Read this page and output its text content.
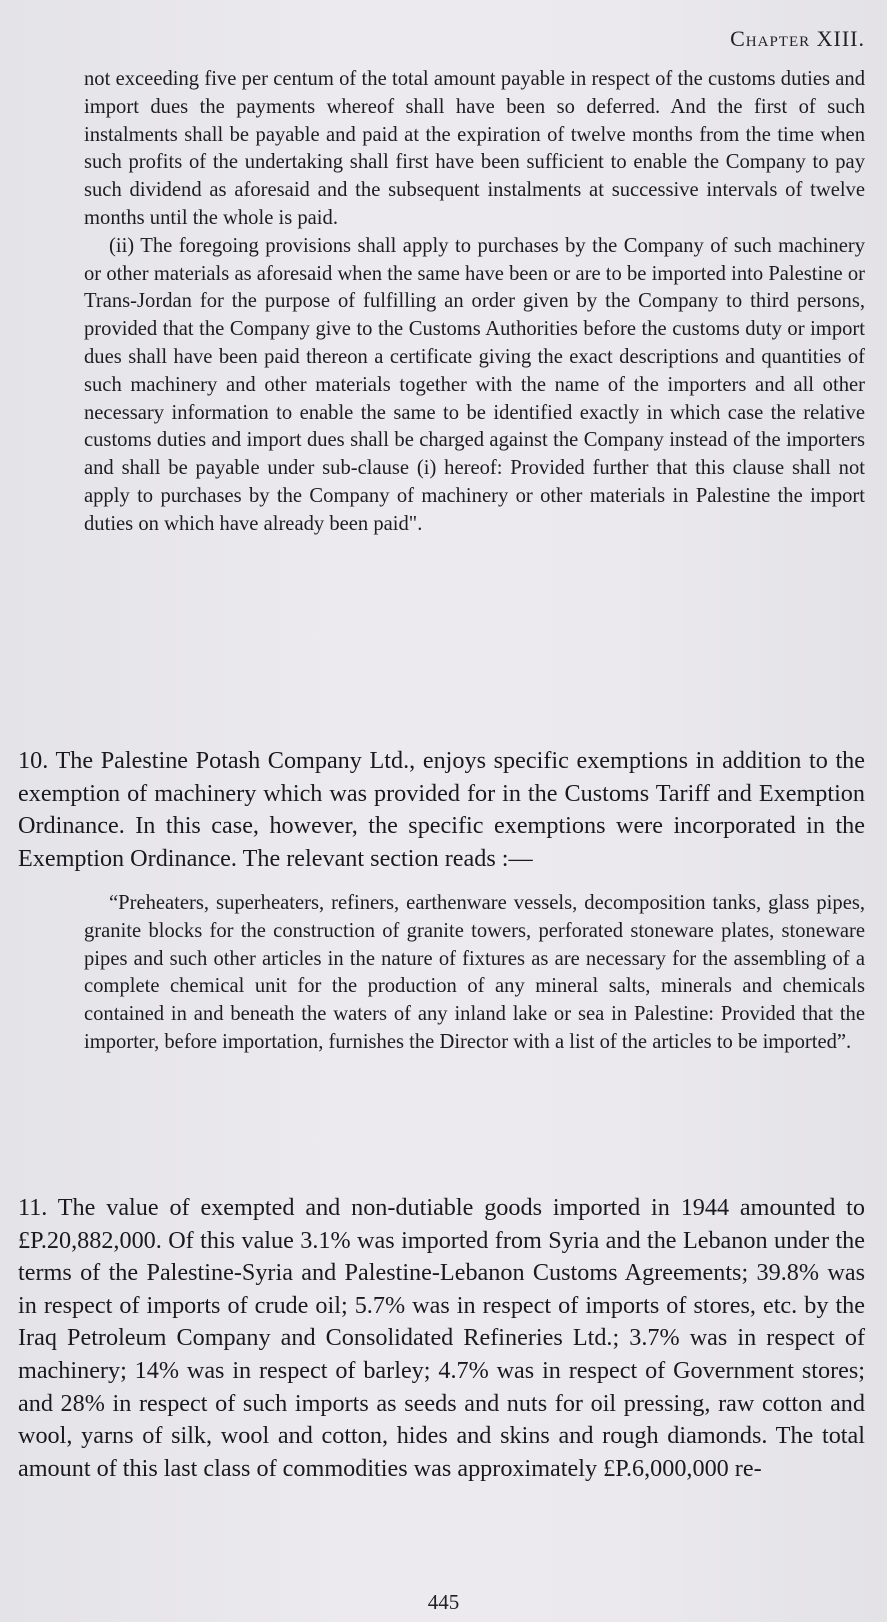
Chapter XIII.

not exceeding five per centum of the total amount payable in respect of the customs duties and import dues the payments whereof shall have been so deferred. And the first of such instalments shall be payable and paid at the expiration of twelve months from the time when such profits of the undertaking shall first have been sufficient to enable the Company to pay such dividend as aforesaid and the subsequent instalments at successive intervals of twelve months until the whole is paid.

(ii) The foregoing provisions shall apply to purchases by the Company of such machinery or other materials as aforesaid when the same have been or are to be imported into Palestine or Trans-Jordan for the purpose of fulfilling an order given by the Company to third persons, provided that the Company give to the Customs Authorities before the customs duty or import dues shall have been paid thereon a certificate giving the exact descriptions and quantities of such machinery and other materials together with the name of the importers and all other necessary information to enable the same to be identified exactly in which case the relative customs duties and import dues shall be charged against the Company instead of the importers and shall be payable under sub-clause (i) hereof: Provided further that this clause shall not apply to purchases by the Company of machinery or other materials in Palestine the import duties on which have already been paid".

10. The Palestine Potash Company Ltd., enjoys specific exemptions in addition to the exemption of machinery which was provided for in the Customs Tariff and Exemption Ordinance. In this case, however, the specific exemptions were incorporated in the Exemption Ordinance. The relevant section reads :—

“Preheaters, superheaters, refiners, earthenware vessels, decomposition tanks, glass pipes, granite blocks for the construction of granite towers, perforated stoneware plates, stoneware pipes and such other articles in the nature of fixtures as are necessary for the assembling of a complete chemical unit for the production of any mineral salts, minerals and chemicals contained in and beneath the waters of any inland lake or sea in Palestine: Provided that the importer, before importation, furnishes the Director with a list of the articles to be imported”.

11. The value of exempted and non-dutiable goods imported in 1944 amounted to £P.20,882,000. Of this value 3.1% was imported from Syria and the Lebanon under the terms of the Palestine-Syria and Palestine-Lebanon Customs Agreements; 39.8% was in respect of imports of crude oil; 5.7% was in respect of imports of stores, etc. by the Iraq Petroleum Company and Consolidated Refineries Ltd.; 3.7% was in respect of machinery; 14% was in respect of barley; 4.7% was in respect of Government stores; and 28% in respect of such imports as seeds and nuts for oil pressing, raw cotton and wool, yarns of silk, wool and cotton, hides and skins and rough diamonds. The total amount of this last class of commodities was approximately £P.6,000,000 re-

445
